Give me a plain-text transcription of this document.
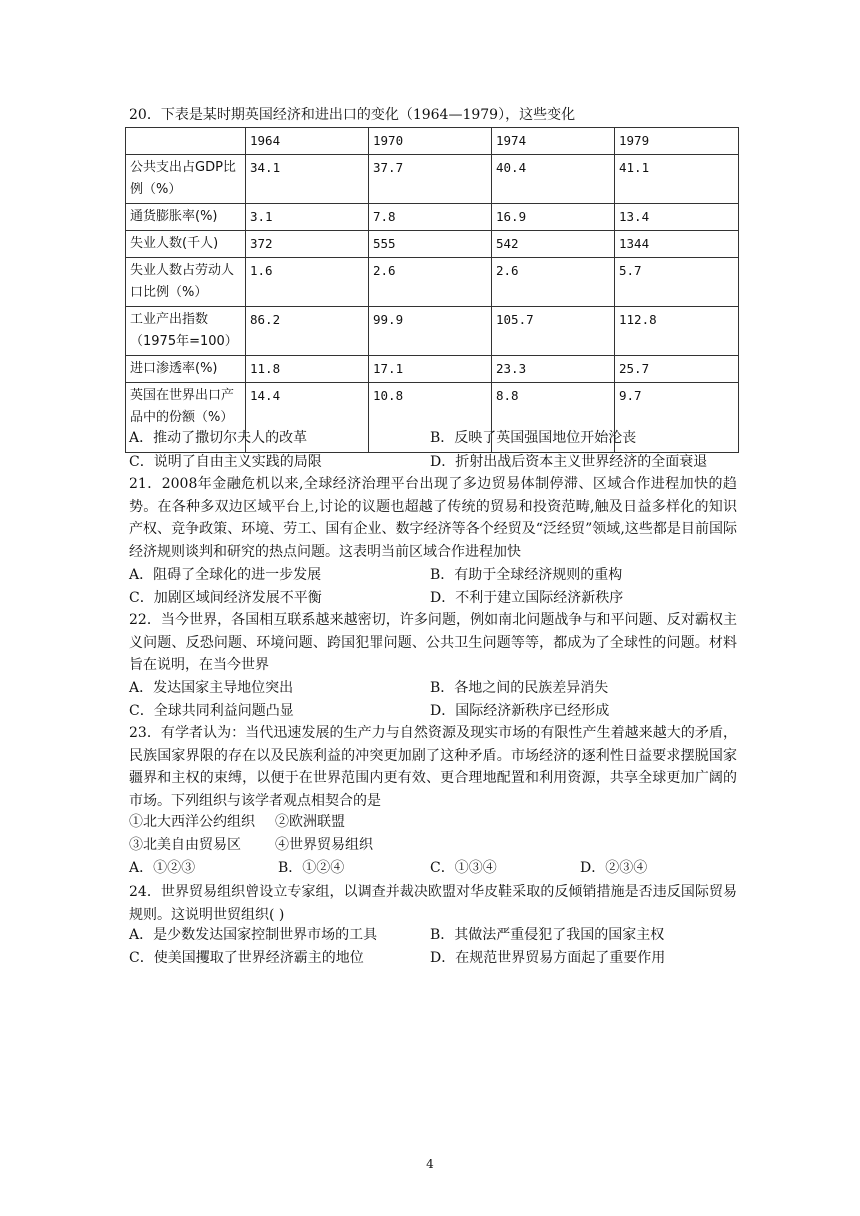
20．下表是某时期英国经济和进出口的变化（1964—1979），这些变化
	1964	1970	1974	1979
公共支出占GDP比例（%）	34.1	37.7	40.4	41.1
通货膨胀率(%)	3.1	7.8	16.9	13.4
失业人数(千人)	372	555	542	1344
失业人数占劳动人口比例（%）	1.6	2.6	2.6	5.7
工业产出指数（1975年=100）	86.2	99.9	105.7	112.8
进口渗透率(%)	11.8	17.1	23.3	25.7
英国在世界出口产品中的份额（%）	14.4	10.8	8.8	9.7
A．推动了撒切尔夫人的改革	B．反映了英国强国地位开始沦丧
C．说明了自由主义实践的局限	D．折射出战后资本主义世界经济的全面衰退
21．2008年金融危机以来,全球经济治理平台出现了多边贸易体制停滞、区域合作进程加快的趋势。在各种多双边区域平台上,讨论的议题也超越了传统的贸易和投资范畴,触及日益多样化的知识产权、竞争政策、环境、劳工、国有企业、数字经济等各个经贸及“泛经贸”领域,这些都是目前国际经济规则谈判和研究的热点问题。这表明当前区域合作进程加快
A．阻碍了全球化的进一步发展	B．有助于全球经济规则的重构
C．加剧区域间经济发展不平衡	D．不利于建立国际经济新秩序
22．当今世界，各国相互联系越来越密切，许多问题，例如南北问题战争与和平问题、反对霸权主义问题、反恐问题、环境问题、跨国犯罪问题、公共卫生问题等等，都成为了全球性的问题。材料旨在说明，在当今世界
A．发达国家主导地位突出	B．各地之间的民族差异消失
C．全球共同利益问题凸显	D．国际经济新秩序已经形成
23．有学者认为：当代迅速发展的生产力与自然资源及现实市场的有限性产生着越来越大的矛盾，民族国家界限的存在以及民族利益的冲突更加剧了这种矛盾。市场经济的逐利性日益要求摆脱国家疆界和主权的束缚，以便于在世界范围内更有效、更合理地配置和利用资源，共享全球更加广阔的市场。下列组织与该学者观点相契合的是
①北大西洋公约组织 ②欧洲联盟
③北美自由贸易区 ④世界贸易组织
A．①②③	B．①②④	C．①③④	D．②③④
24．世界贸易组织曾设立专家组，以调查并裁决欧盟对华皮鞋采取的反倾销措施是否违反国际贸易规则。这说明世贸组织( )
A．是少数发达国家控制世界市场的工具	B．其做法严重侵犯了我国的国家主权
C．使美国攫取了世界经济霸主的地位	D．在规范世界贸易方面起了重要作用
4
